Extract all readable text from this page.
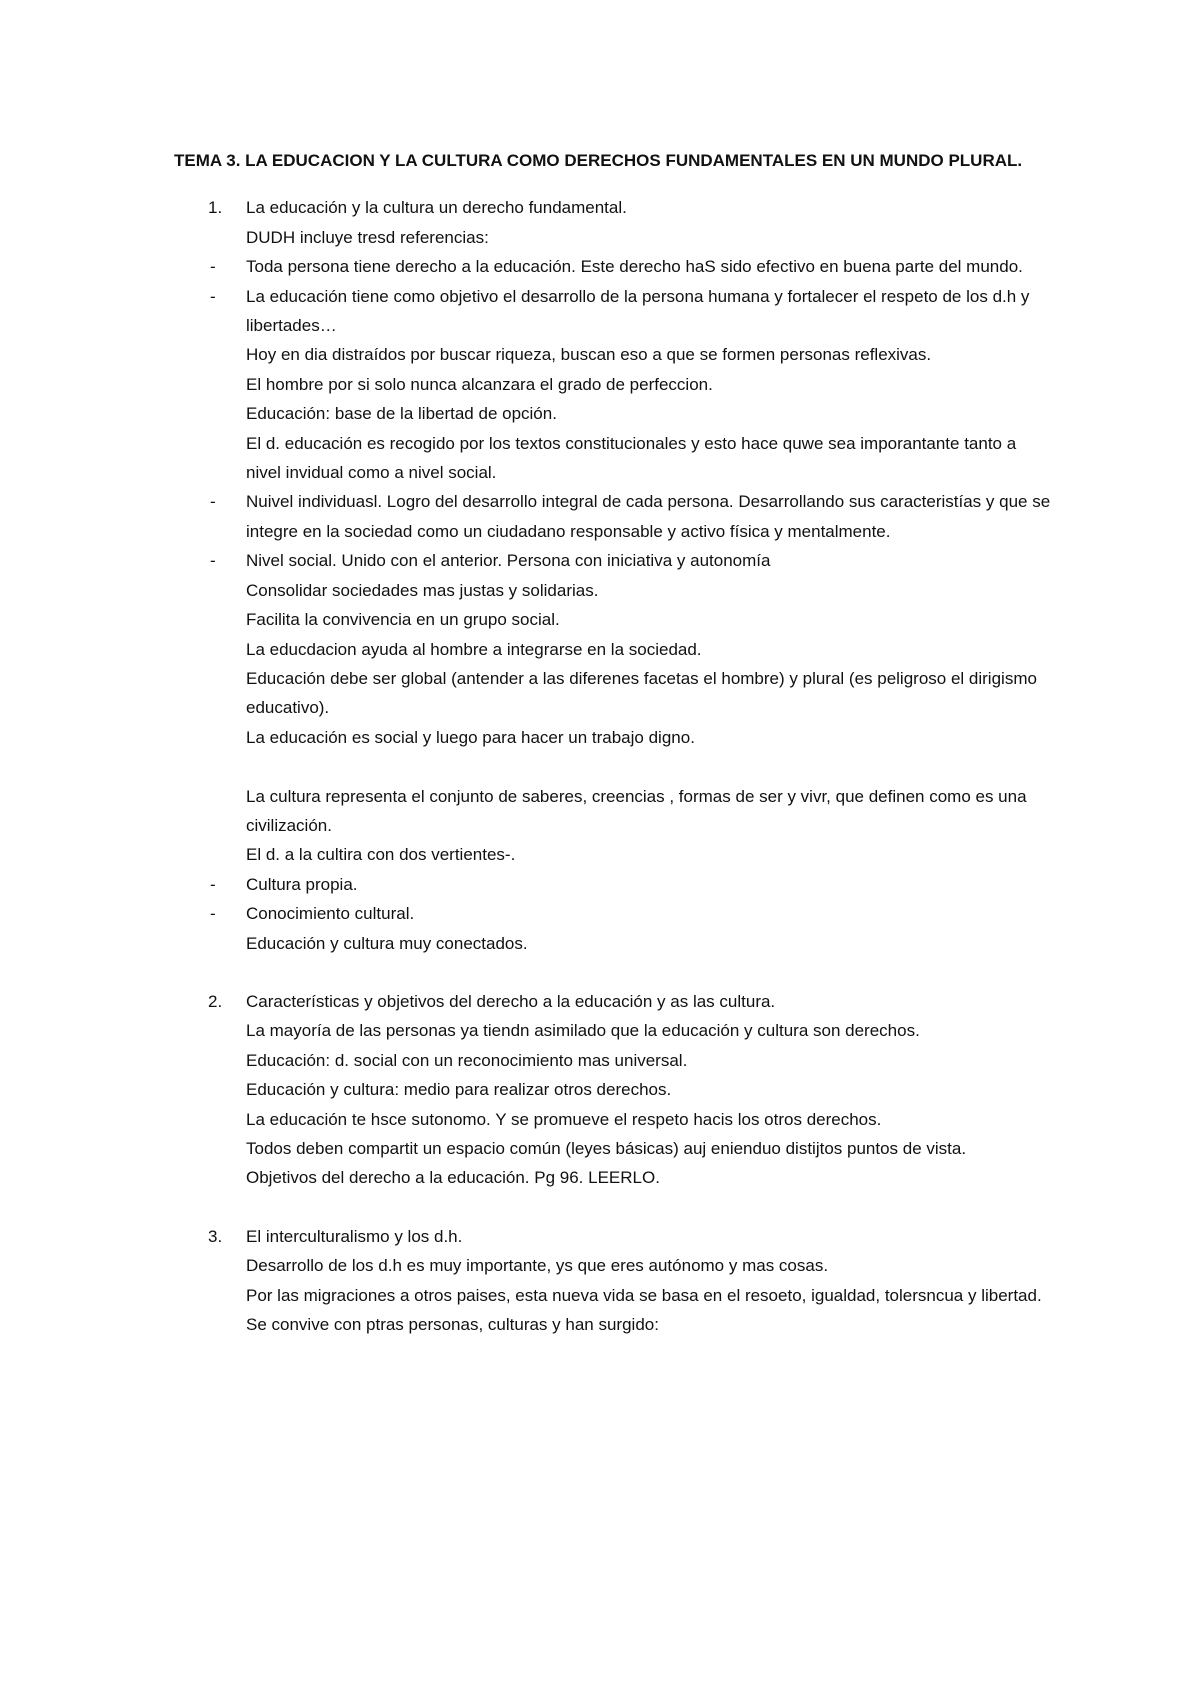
TEMA 3. LA EDUCACION Y LA CULTURA COMO DERECHOS FUNDAMENTALES EN UN MUNDO PLURAL.
1. La educación y la cultura un derecho fundamental.
DUDH incluye tresd referencias:
- Toda persona tiene derecho a la educación. Este derecho haS sido efectivo en buena parte del mundo.
- La educación tiene como objetivo el desarrollo de la persona humana y fortalecer el respeto de los d.h y libertades…
Hoy en dia distraídos por buscar riqueza, buscan eso a que se formen personas reflexivas.
El hombre por si solo nunca alcanzara el grado de perfeccion.
Educación: base de la libertad de opción.
El d. educación es recogido por los textos constitucionales y esto hace quwe sea imporantante tanto a nivel invidual como a nivel social.
- Nuivel individuasl. Logro del desarrollo integral de cada persona. Desarrollando sus caracteristías y que se integre en la sociedad como un ciudadano responsable y activo física y mentalmente.
- Nivel social. Unido con el anterior. Persona con iniciativa y autonomía
Consolidar sociedades mas justas y solidarias.
Facilita la convivencia en un grupo social.
La educdacion ayuda al hombre a integrarse en la sociedad.
Educación debe ser global (antender a las diferenes facetas el hombre) y plural (es peligroso el dirigismo educativo).
La educación es social y luego para hacer un trabajo digno.
La cultura representa el conjunto de saberes, creencias , formas de ser y vivr, que definen como es una civilización.
El d. a la cultira con dos vertientes-.
- Cultura propia.
- Conocimiento cultural.
Educación y cultura muy conectados.
2. Características y objetivos del derecho a la educación y as las cultura.
La mayoría de las personas ya tiendn asimilado que la educación y cultura son derechos.
Educación: d. social con un reconocimiento mas universal.
Educación y cultura: medio para realizar otros derechos.
La educación te hsce sutonomo. Y se promueve el respeto hacis los otros derechos.
Todos deben compartit un espacio común (leyes básicas) auj enienduo distijtos puntos de vista.
Objetivos del derecho a la educación. Pg 96. LEERLO.
3. El interculturalismo y los d.h.
Desarrollo de los d.h es muy importante, ys que eres autónomo y mas cosas.
Por las migraciones a otros paises, esta nueva vida se basa en el resoeto, igualdad, tolersncua y libertad. Se convive con ptras personas, culturas y han surgido:
